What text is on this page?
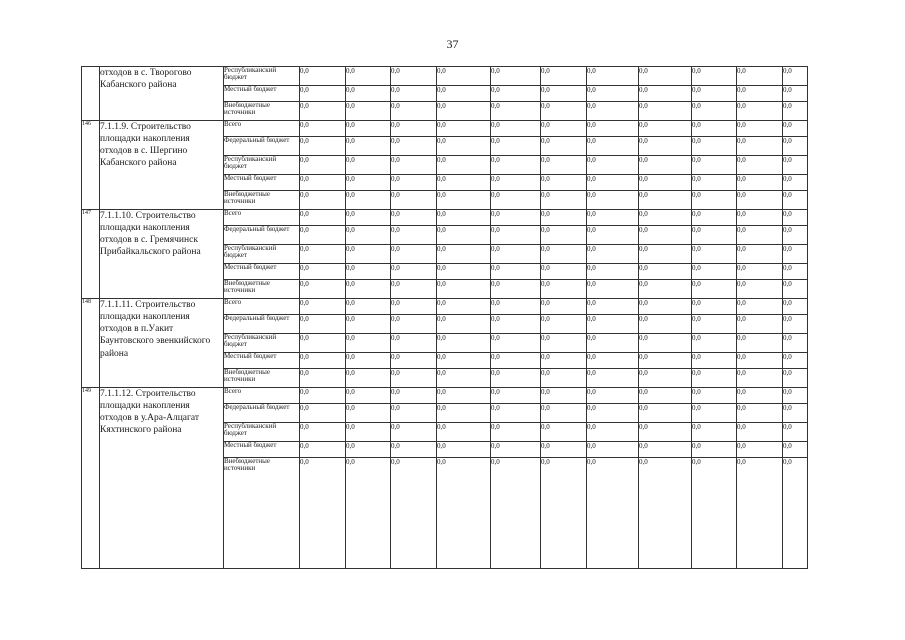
37
	отходов в с. Творогово Кабанского района	Республиканский бюджет	0,0	0,0	0,0	0,0	0,0	0,0	0,0	0,0	0,0	0,0	0,0	
		Местный бюджет	0,0	0,0	0,0	0,0	0,0	0,0	0,0	0,0	0,0	0,0	0,0	
		Внебюджетные источники	0,0	0,0	0,0	0,0	0,0	0,0	0,0	0,0	0,0	0,0	0,0	
146	7.1.1.9. Строительство площадки накопления отходов в с. Шергино Кабанского района	Всего	0,0	0,0	0,0	0,0	0,0	0,0	0,0	0,0	0,0	0,0	0,0	
		Федеральный бюджет	0,0	0,0	0,0	0,0	0,0	0,0	0,0	0,0	0,0	0,0	0,0	
		Республиканский бюджет	0,0	0,0	0,0	0,0	0,0	0,0	0,0	0,0	0,0	0,0	0,0	
		Местный бюджет	0,0	0,0	0,0	0,0	0,0	0,0	0,0	0,0	0,0	0,0	0,0	
		Внебюджетные источники	0,0	0,0	0,0	0,0	0,0	0,0	0,0	0,0	0,0	0,0	0,0	
147	7.1.1.10. Строительство площадки накопления отходов в с. Гремячинск Прибайкальского района	Всего	0,0	0,0	0,0	0,0	0,0	0,0	0,0	0,0	0,0	0,0	0,0	
		Федеральный бюджет	0,0	0,0	0,0	0,0	0,0	0,0	0,0	0,0	0,0	0,0	0,0	
		Республиканский бюджет	0,0	0,0	0,0	0,0	0,0	0,0	0,0	0,0	0,0	0,0	0,0	
		Местный бюджет	0,0	0,0	0,0	0,0	0,0	0,0	0,0	0,0	0,0	0,0	0,0	
		Внебюджетные источники	0,0	0,0	0,0	0,0	0,0	0,0	0,0	0,0	0,0	0,0	0,0	
148	7.1.1.11. Строительство площадки накопления отходов в п.Уакит Баунтовского эвенкийского района	Всего	0,0	0,0	0,0	0,0	0,0	0,0	0,0	0,0	0,0	0,0	0,0	
		Федеральный бюджет	0,0	0,0	0,0	0,0	0,0	0,0	0,0	0,0	0,0	0,0	0,0	
		Республиканский бюджет	0,0	0,0	0,0	0,0	0,0	0,0	0,0	0,0	0,0	0,0	0,0	
		Местный бюджет	0,0	0,0	0,0	0,0	0,0	0,0	0,0	0,0	0,0	0,0	0,0	
		Внебюджетные источники	0,0	0,0	0,0	0,0	0,0	0,0	0,0	0,0	0,0	0,0	0,0	
149	7.1.1.12. Строительство площадки накопления отходов в у.Ара-Алцагат Кяхтинского района	Всего	0,0	0,0	0,0	0,0	0,0	0,0	0,0	0,0	0,0	0,0	0,0	
		Федеральный бюджет	0,0	0,0	0,0	0,0	0,0	0,0	0,0	0,0	0,0	0,0	0,0	
		Республиканский бюджет	0,0	0,0	0,0	0,0	0,0	0,0	0,0	0,0	0,0	0,0	0,0	
		Местный бюджет	0,0	0,0	0,0	0,0	0,0	0,0	0,0	0,0	0,0	0,0	0,0	
		Внебюджетные источники	0,0	0,0	0,0	0,0	0,0	0,0	0,0	0,0	0,0	0,0	0,0	
